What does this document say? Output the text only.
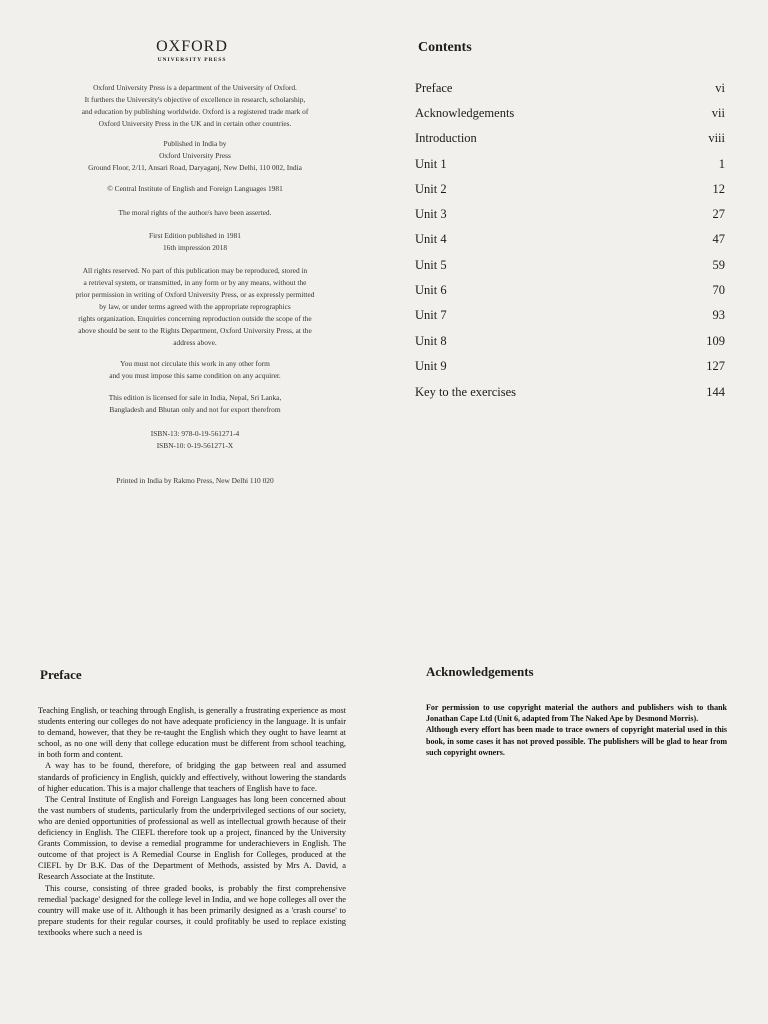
OXFORD
UNIVERSITY PRESS

Oxford University Press is a department of the University of Oxford.

It furthers the University's objective of excellence in research, scholarship,

and education by publishing worldwide. Oxford is a registered trade mark of

Oxford University Press in the UK and in certain other countries.

Published in India by

Oxford University Press

Ground Floor, 2/11, Ansari Road, Daryaganj, New Delhi, 110 002, India

© Central Institute of English and Foreign Languages 1981
The moral rights of the author/s have been asserted.

First Edition published in 1981

16th impression 2018

All rights reserved. No part of this publication may be reproduced, stored in

a retrieval system, or transmitted, in any form or by any means, without the

prior permission in writing of Oxford University Press, or as expressly permitted

by law, or under terms agreed with the appropriate reprographics

rights organization. Enquiries concerning reproduction outside the scope of the

above should be sent to the Rights Department, Oxford University Press, at the

address above.

You must not circulate this work in any other form

and you must impose this same condition on any acquirer.

This edition is licensed for sale in India, Nepal, Sri Lanka,

Bangladesh and Bhutan only and not for export therefrom

ISBN-13: 978-0-19-561271-4

ISBN-10: 0-19-561271-X

Printed in India by Rakmo Press, New Delhi 110 020
Contents
Preface	vi
Acknowledgements	vii
Introduction	viii
Unit 1	1
Unit 2	12
Unit 3	27
Unit 4	47
Unit 5	59
Unit 6	70
Unit 7	93
Unit 8	109
Unit 9	127
Key to the exercises	144
Preface

Teaching English, or teaching through English, is generally a frustrating experience as most students entering our colleges do not have adequate proficiency in the language. It is unfair to demand, however, that they be re-taught the English which they ought to have learnt at school, as no one will deny that college education must be different from school teaching, in both form and content.

A way has to be found, therefore, of bridging the gap between real and assumed standards of proficiency in English, quickly and effectively, without lowering the standards of higher education. This is a major challenge that teachers of English have to face.

The Central Institute of English and Foreign Languages has long been concerned about the vast numbers of students, particularly from the underprivileged sections of our society, who are denied opportunities of professional as well as intellectual growth because of their deficiency in English. The CIEFL therefore took up a project, financed by the University Grants Commission, to devise a remedial programme for underachievers in English. The outcome of that project is A Remedial Course in English for Colleges, produced at the CIEFL by Dr B.K. Das of the Department of Methods, assisted by Mrs A. David, a Research Associate at the Institute.

This course, consisting of three graded books, is probably the first comprehensive remedial 'package' designed for the college level in India, and we hope colleges all over the country will make use of it. Although it has been primarily designed as a 'crash course' to prepare students for their regular courses, it could profitably be used to replace existing textbooks where such a need is

Acknowledgements

For permission to use copyright material the authors and publishers wish to thank Jonathan Cape Ltd (Unit 6, adapted from The Naked Ape by Desmond Morris).

Although every effort has been made to trace owners of copyright material used in this book, in some cases it has not proved possible. The publishers will be glad to hear from such copyright owners.
